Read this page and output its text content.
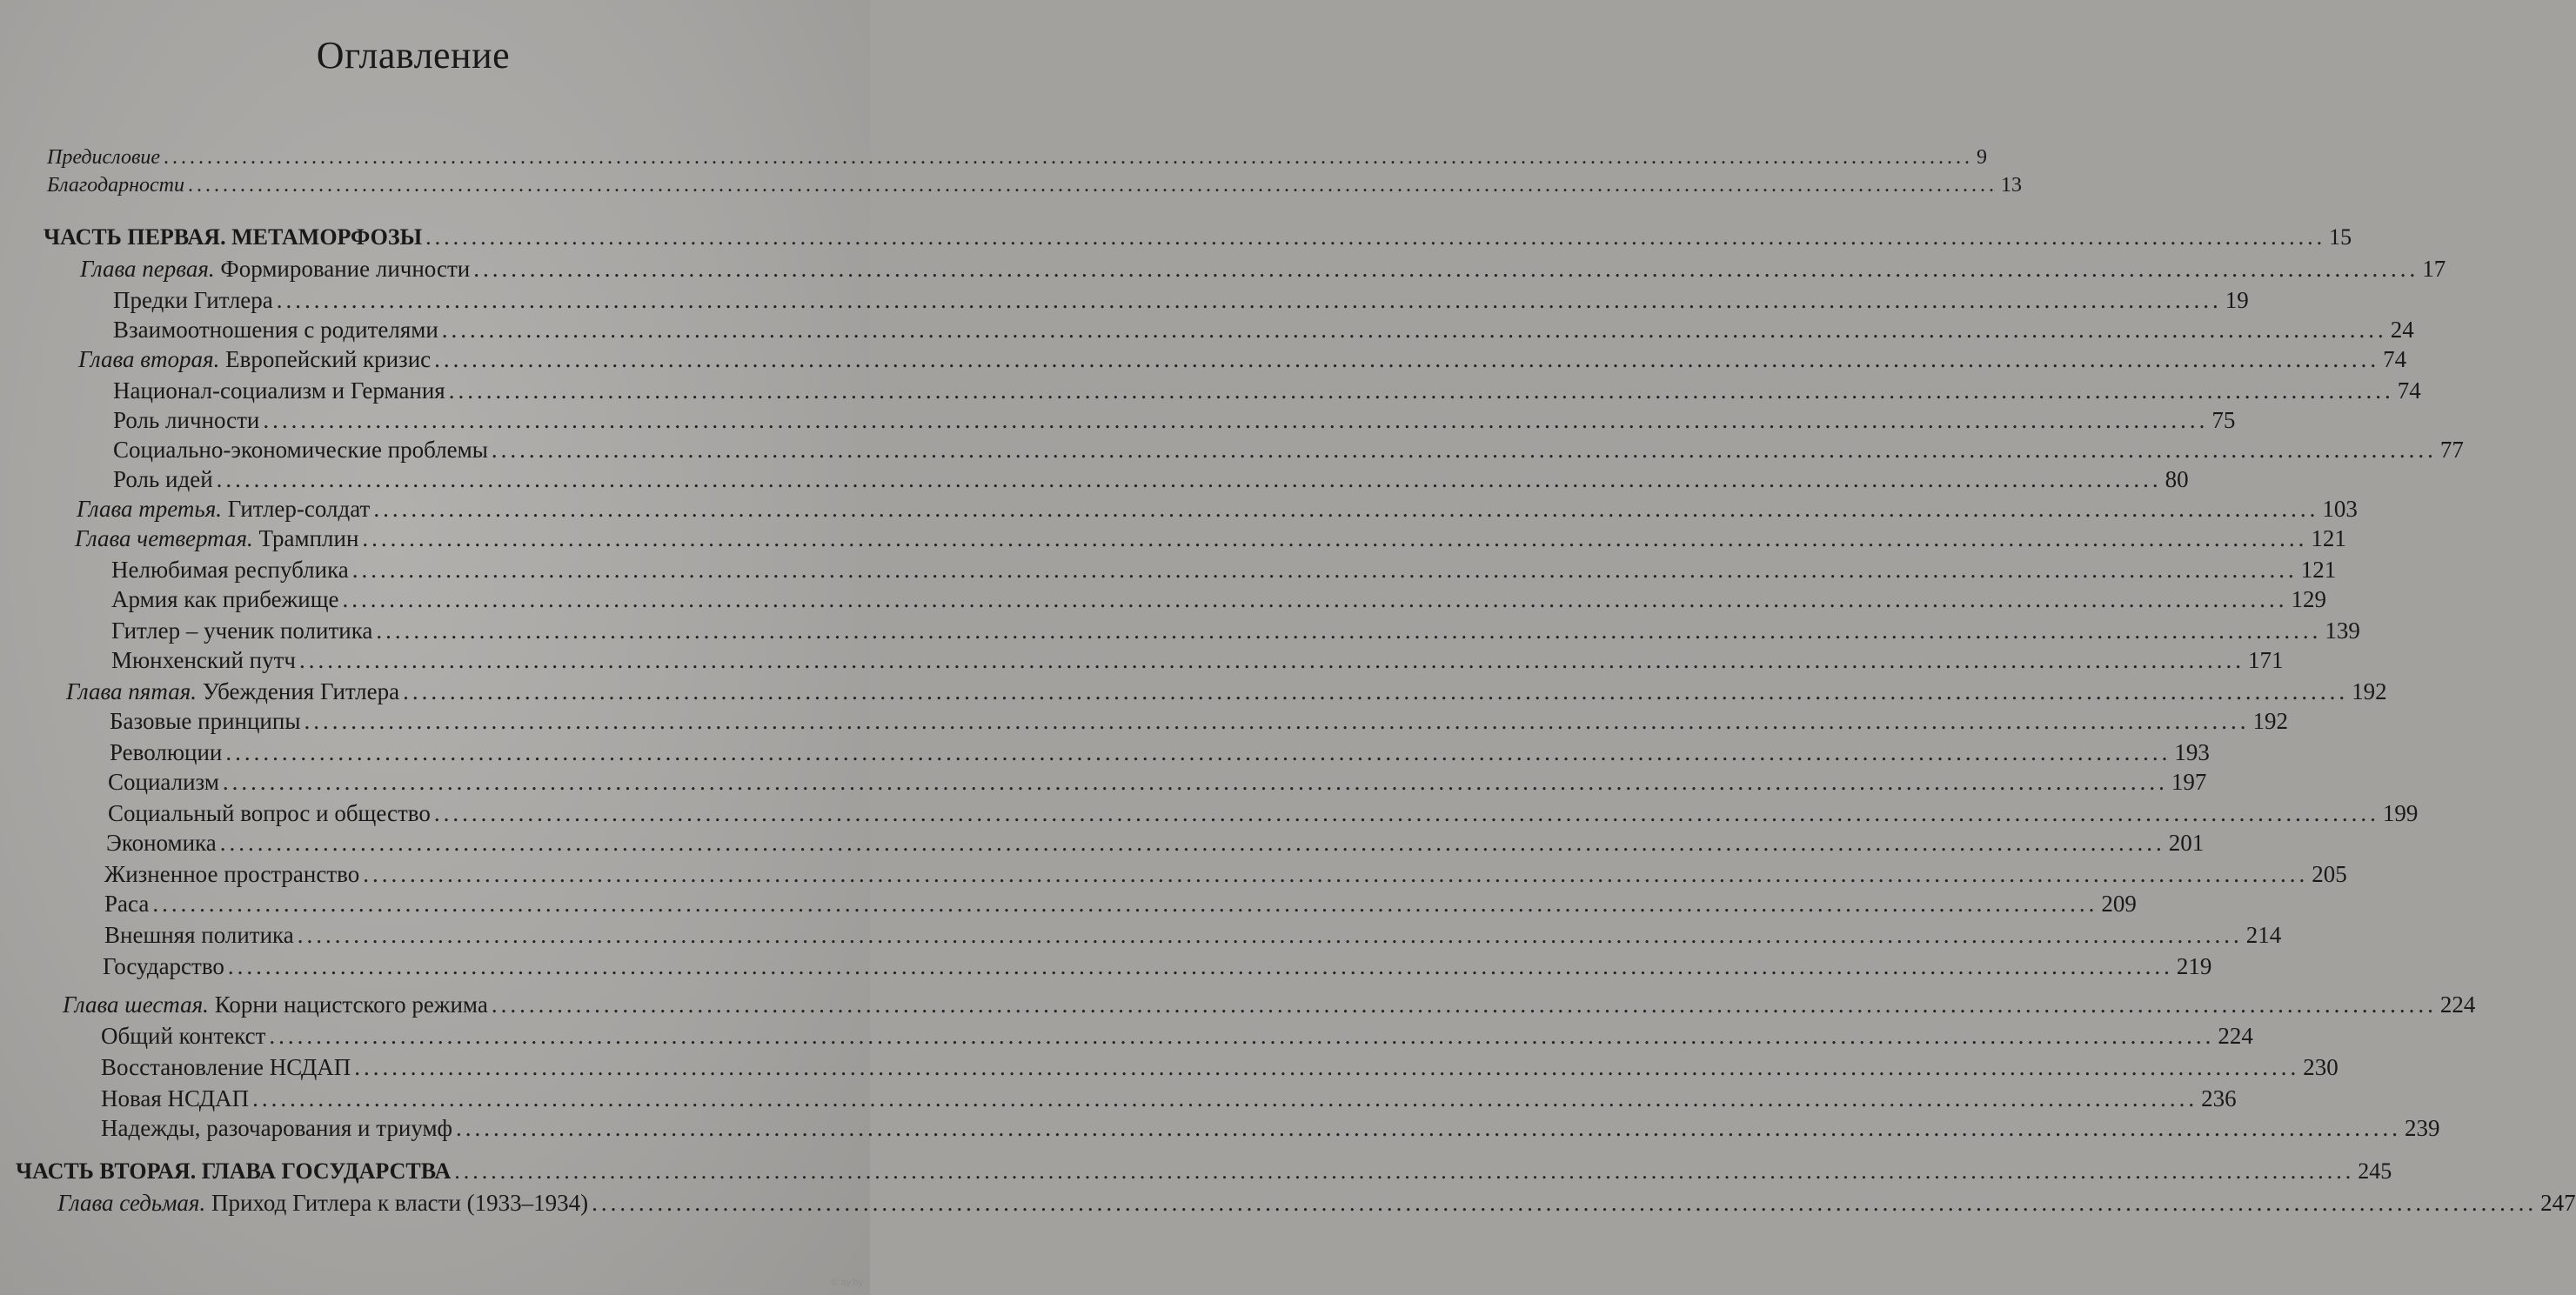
Оглавление
Предисловие ................................................................................................................................................................................................................ 9
Благодарности ................................................................................................................................................................................................................ 13
ЧАСТЬ ПЕРВАЯ. МЕТАМОРФОЗЫ ................................................................................................................................................................................................................ 15
Глава первая. Формирование личности ................................................................................................................................................................................................................ 17
Предки Гитлера ................................................................................................................................................................................................................ 19
Взаимоотношения с родителями ................................................................................................................................................................................................................ 24
Глава вторая. Европейский кризис ................................................................................................................................................................................................................ 74
Национал-социализм и Германия ................................................................................................................................................................................................................ 74
Роль личности ................................................................................................................................................................................................................ 75
Социально-экономические проблемы ................................................................................................................................................................................................................ 77
Роль идей ................................................................................................................................................................................................................ 80
Глава третья. Гитлер-солдат ................................................................................................................................................................................................................ 103
Глава четвертая. Трамплин ................................................................................................................................................................................................................ 121
Нелюбимая республика ................................................................................................................................................................................................................ 121
Армия как прибежище ................................................................................................................................................................................................................ 129
Гитлер – ученик политика ................................................................................................................................................................................................................ 139
Мюнхенский путч ................................................................................................................................................................................................................ 171
Глава пятая. Убеждения Гитлера ................................................................................................................................................................................................................ 192
Базовые принципы ................................................................................................................................................................................................................ 192
Революции ................................................................................................................................................................................................................ 193
Социализм ................................................................................................................................................................................................................ 197
Социальный вопрос и общество ................................................................................................................................................................................................................ 199
Экономика ................................................................................................................................................................................................................ 201
Жизненное пространство ................................................................................................................................................................................................................ 205
Раса ................................................................................................................................................................................................................ 209
Внешняя политика ................................................................................................................................................................................................................ 214
Государство ................................................................................................................................................................................................................ 219
Глава шестая. Корни нацистского режима ................................................................................................................................................................................................................ 224
Общий контекст ................................................................................................................................................................................................................ 224
Восстановление НСДАП ................................................................................................................................................................................................................ 230
Новая НСДАП ................................................................................................................................................................................................................ 236
Надежды, разочарования и триумф ................................................................................................................................................................................................................ 239
ЧАСТЬ ВТОРАЯ. ГЛАВА ГОСУДАРСТВА ................................................................................................................................................................................................................ 245
Глава седьмая. Приход Гитлера к власти (1933–1934) ................................................................................................................................................................................................................ 247
© ay.by
